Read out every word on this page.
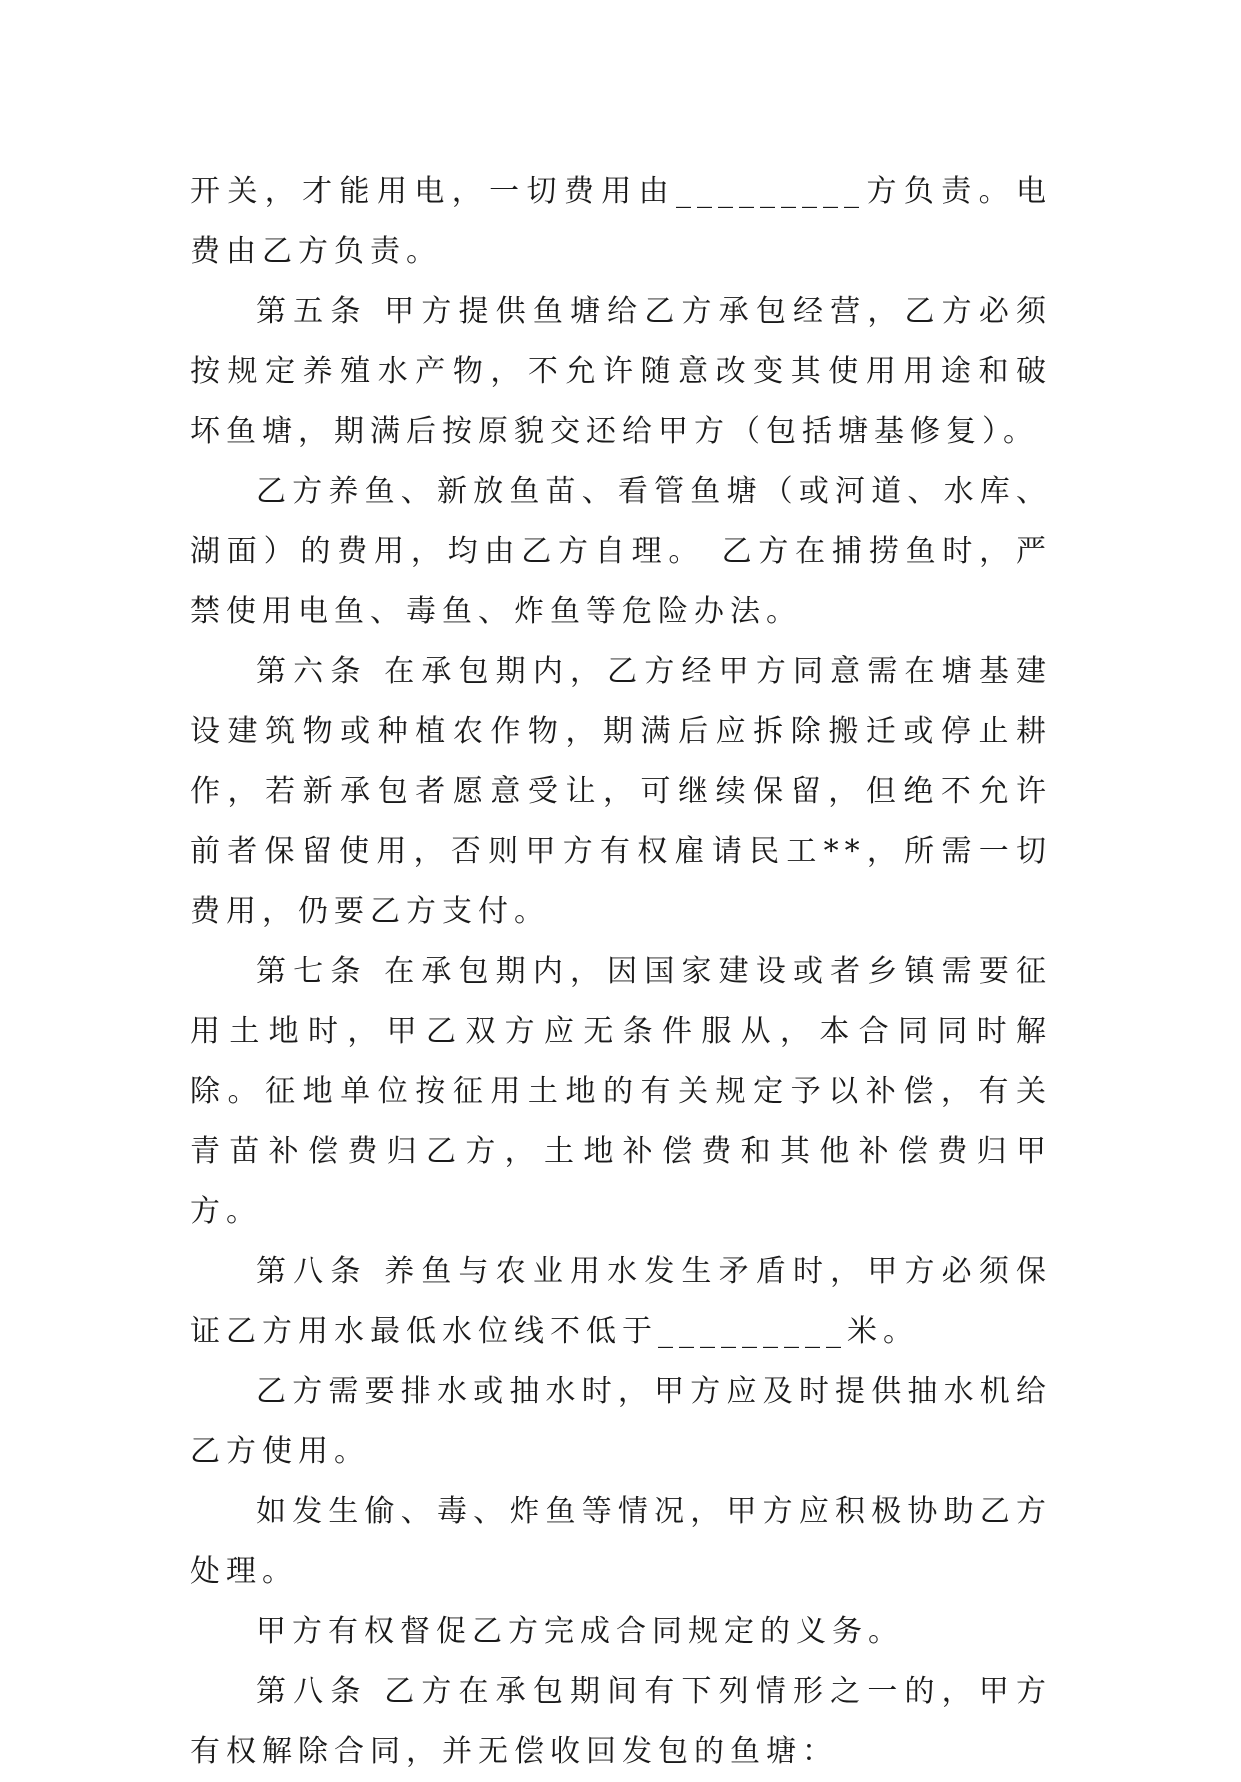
开关，才能用电，一切费用由_________方负责。电费由乙方负责。

第五条 甲方提供鱼塘给乙方承包经营，乙方必须按规定养殖水产物，不允许随意改变其使用用途和破坏鱼塘，期满后按原貌交还给甲方（包括塘基修复）。

乙方养鱼、新放鱼苗、看管鱼塘（或河道、水库、湖面）的费用，均由乙方自理。 乙方在捕捞鱼时，严禁使用电鱼、毒鱼、炸鱼等危险办法。

第六条 在承包期内，乙方经甲方同意需在塘基建设建筑物或种植农作物，期满后应拆除搬迁或停止耕作，若新承包者愿意受让，可继续保留，但绝不允许前者保留使用，否则甲方有权雇请民工**，所需一切费用，仍要乙方支付。

第七条 在承包期内，因国家建设或者乡镇需要征用土地时，甲乙双方应无条件服从，本合同同时解除。征地单位按征用土地的有关规定予以补偿，有关青苗补偿费归乙方，土地补偿费和其他补偿费归甲方。

第八条 养鱼与农业用水发生矛盾时，甲方必须保证乙方用水最低水位线不低于_________米。

乙方需要排水或抽水时，甲方应及时提供抽水机给乙方使用。

如发生偷、毒、炸鱼等情况，甲方应积极协助乙方处理。

甲方有权督促乙方完成合同规定的义务。

第八条 乙方在承包期间有下列情形之一的，甲方有权解除合同，并无偿收回发包的鱼塘：
